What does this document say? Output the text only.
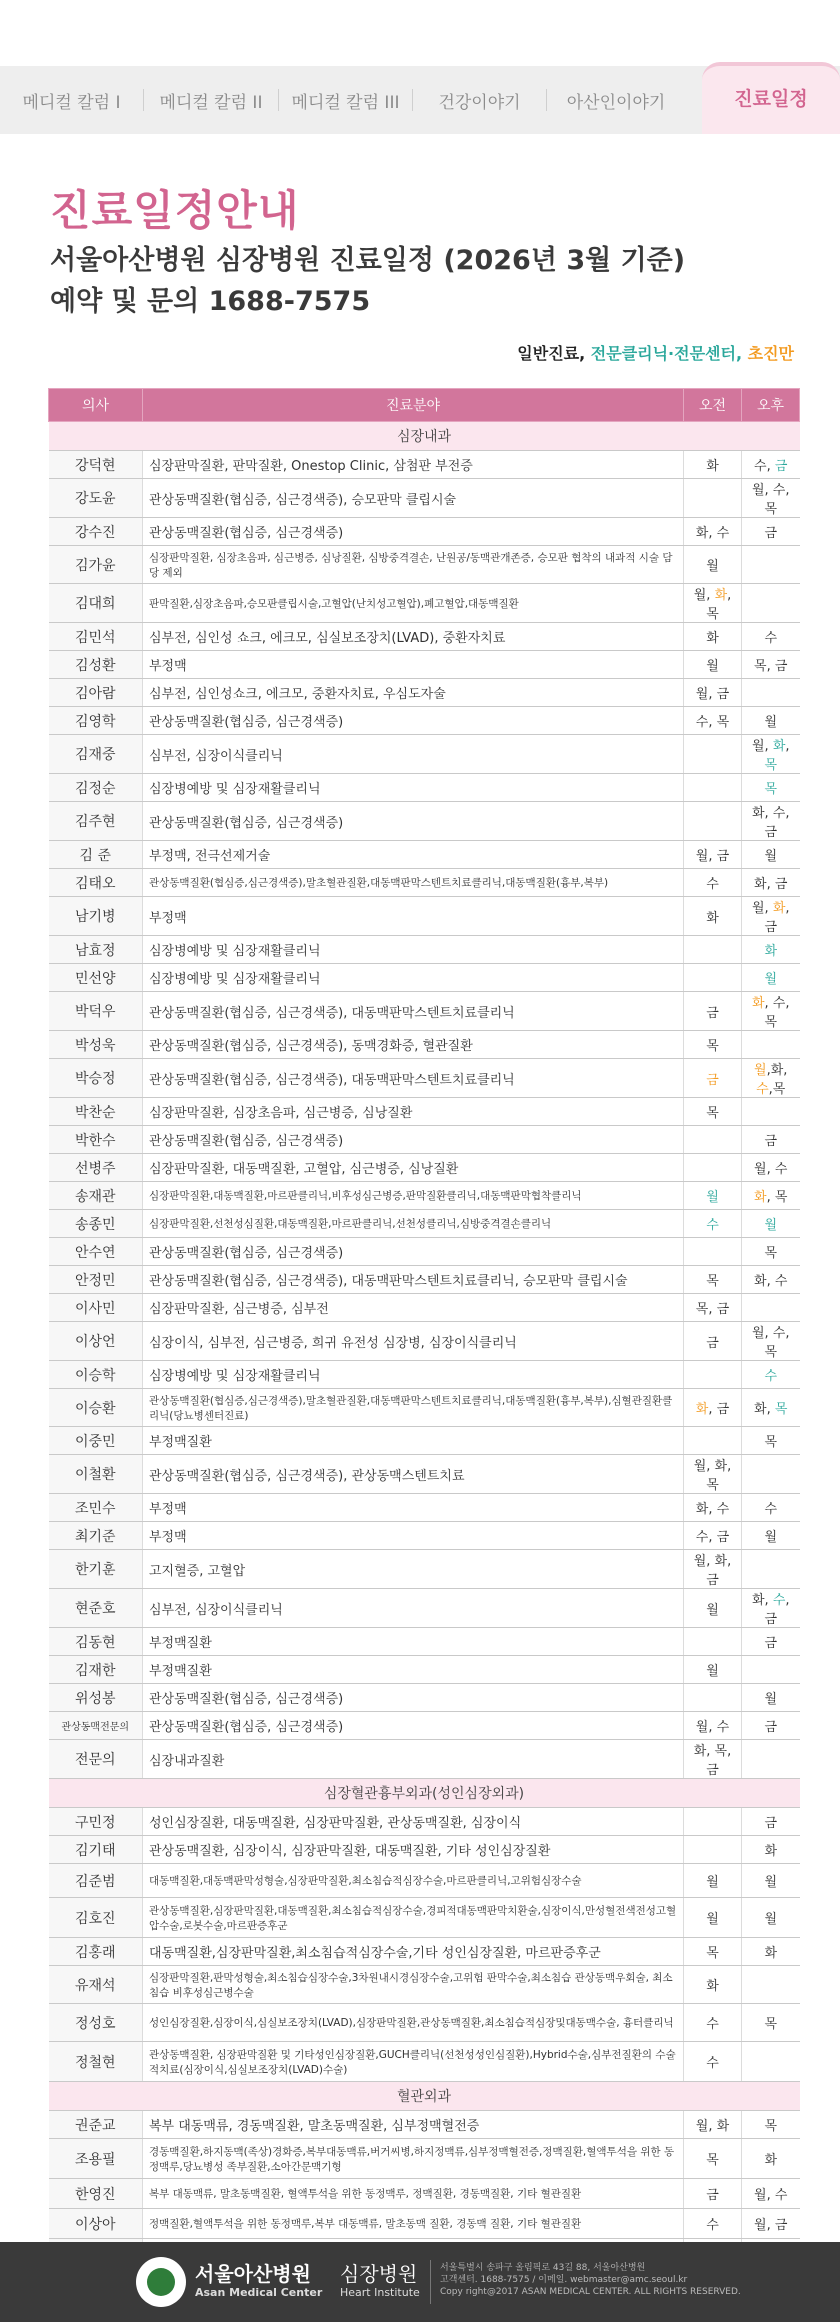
메디컬 칼럼 I	메디컬 칼럼 II	메디컬 칼럼 III	건강이야기	아산인이야기	진료일정
진료일정안내
서울아산병원 심장병원 진료일정 (2026년 3월 기준)
예약 및 문의 1688-7575
일반진료, 전문클리닉·전문센터, 초진만
의사	진료분야	오전	오후
심장내과			
강덕현	심장판막질환, 판막질환, Onestop Clinic, 삼첨판 부전증	화	수, 금
강도윤	관상동맥질환(협심증, 심근경색증), 승모판막 클립시술		월, 수, 목
강수진	관상동맥질환(협심증, 심근경색증)	화, 수	금
김가윤	심장판막질환, 심장초음파, 심근병증, 심낭질환, 심방중격결손, 난원공/동맥관개존증, 승모판 협착의 내과적 시술 담당 제외	월	
김대희	판막질환,심장초음파,승모판클립시술,고혈압(난치성고혈압),폐고혈압,대동맥질환	월, 화, 목	
김민석	심부전, 심인성 쇼크, 에크모, 심실보조장치(LVAD), 중환자치료	화	수
김성환	부정맥	월	목, 금
김아람	심부전, 심인성쇼크, 에크모, 중환자치료, 우심도자술	월, 금	
김영학	관상동맥질환(협심증, 심근경색증)	수, 목	월
김재중	심부전, 심장이식클리닉		월, 화, 목
김정순	심장병예방 및 심장재활클리닉		목
김주현	관상동맥질환(협심증, 심근경색증)		화, 수, 금
김 준	부정맥, 전극선제거술	월, 금	월
김태오	관상동맥질환(협심증,심근경색증),말초혈관질환,대동맥판막스텐트치료클리닉,대동맥질환(흉부,복부)	수	화, 금
남기병	부정맥	화	월, 화, 금
남효정	심장병예방 및 심장재활클리닉		화
민선양	심장병예방 및 심장재활클리닉		월
박덕우	관상동맥질환(협심증, 심근경색증), 대동맥판막스텐트치료클리닉	금	화, 수, 목
박성욱	관상동맥질환(협심증, 심근경색증), 동맥경화증, 혈관질환	목	
박승정	관상동맥질환(협심증, 심근경색증), 대동맥판막스텐트치료클리닉	금	월,화,수,목
박찬순	심장판막질환, 심장초음파, 심근병증, 심낭질환	목	
박한수	관상동맥질환(협심증, 심근경색증)		금
선병주	심장판막질환, 대동맥질환, 고혈압, 심근병증, 심낭질환		월, 수
송재관	심장판막질환,대동맥질환,마르판클리닉,비후성심근병증,판막질환클리닉,대동맥판막협착클리닉	월	화, 목
송종민	심장판막질환,선천성심질환,대동맥질환,마르판클리닉,선천성클리닉,심방중격결손클리닉	수	월
안수연	관상동맥질환(협심증, 심근경색증)		목
안정민	관상동맥질환(협심증, 심근경색증), 대동맥판막스텐트치료클리닉, 승모판막 클립시술	목	화, 수
이사민	심장판막질환, 심근병증, 심부전	목, 금	
이상언	심장이식, 심부전, 심근병증, 희귀 유전성 심장병, 심장이식클리닉	금	월, 수, 목
이승학	심장병예방 및 심장재활클리닉		수
이승환	관상동맥질환(협심증,심근경색증),말초혈관질환,대동맥판막스텐트치료클리닉,대동맥질환(흉부,복부),심혈관질환클리닉(당뇨병센터진료)	화, 금	화, 목
이중민	부정맥질환		목
이철환	관상동맥질환(협심증, 심근경색증), 관상동맥스텐트치료	월, 화, 목	
조민수	부정맥	화, 수	수
최기준	부정맥	수, 금	월
한기훈	고지혈증, 고혈압	월, 화, 금	
현준호	심부전, 심장이식클리닉	월	화, 수, 금
김동현	부정맥질환		금
김재한	부정맥질환	월	
위성봉	관상동맥질환(협심증, 심근경색증)		월
관상동맥전문의	관상동맥질환(협심증, 심근경색증)	월, 수	금
전문의	심장내과질환	화, 목, 금	
심장혈관흉부외과(성인심장외과)			
구민정	성인심장질환, 대동맥질환, 심장판막질환, 관상동맥질환, 심장이식		금
김기태	관상동맥질환, 심장이식, 심장판막질환, 대동맥질환, 기타 성인심장질환		화
김준범	대동맥질환,대동맥판막성형술,심장판막질환,최소침습적심장수술,마르판클리닉,고위험심장수술	월	월
김호진	관상동맥질환,심장판막질환,대동맥질환,최소침습적심장수술,경피적대동맥판막치환술,심장이식,만성혈전색전성고혈압수술,로봇수술,마르판증후군	월	월
김홍래	대동맥질환,심장판막질환,최소침습적심장수술,기타 성인심장질환, 마르판증후군	목	화
유재석	심장판막질환,판막성형술,최소침습심장수술,3차원내시경심장수술,고위험 판막수술,최소침습 관상동맥우회술, 최소침습 비후성심근병수술	화	
정성호	성인심장질환,심장이식,심실보조장치(LVAD),심장판막질환,관상동맥질환,최소침습적심장및대동맥수술, 흉터클리닉	수	목
정철현	관상동맥질환, 심장판막질환 및 기타성인심장질환,GUCH클리닉(선천성성인심질환),Hybrid수술,심부전질환의 수술적치료(심장이식,심실보조장치(LVAD)수술)	수	
혈관외과			
권준교	복부 대동맥류, 경동맥질환, 말초동맥질환, 심부정맥혈전증	월, 화	목
조용필	경동맥질환,하지동맥(족상)경화증,복부대동맥류,버거씨병,하지정맥류,심부정맥혈전증,정맥질환,혈액투석을 위한 동정맥루,당뇨병성 족부질환,소아간문맥기형	목	화
한영진	복부 대동맥류, 말초동맥질환, 혈액투석을 위한 동정맥루, 정맥질환, 경동맥질환, 기타 혈관질환	금	월, 수
이상아	정맥질환,혈액투석을 위한 동정맥루,복부 대동맥류, 말초동맥 질환, 경동맥 질환, 기타 혈관질환	수	월, 금

서울아산병원
Asan Medical Center
심장병원
Heart Institute
서울특별시 송파구 올림픽로 43길 88, 서울아산병원
고객센터. 1688-7575 / 이메일. webmaster@amc.seoul.kr
Copy right@2017 ASAN MEDICAL CENTER. ALL RIGHTS RESERVED.
